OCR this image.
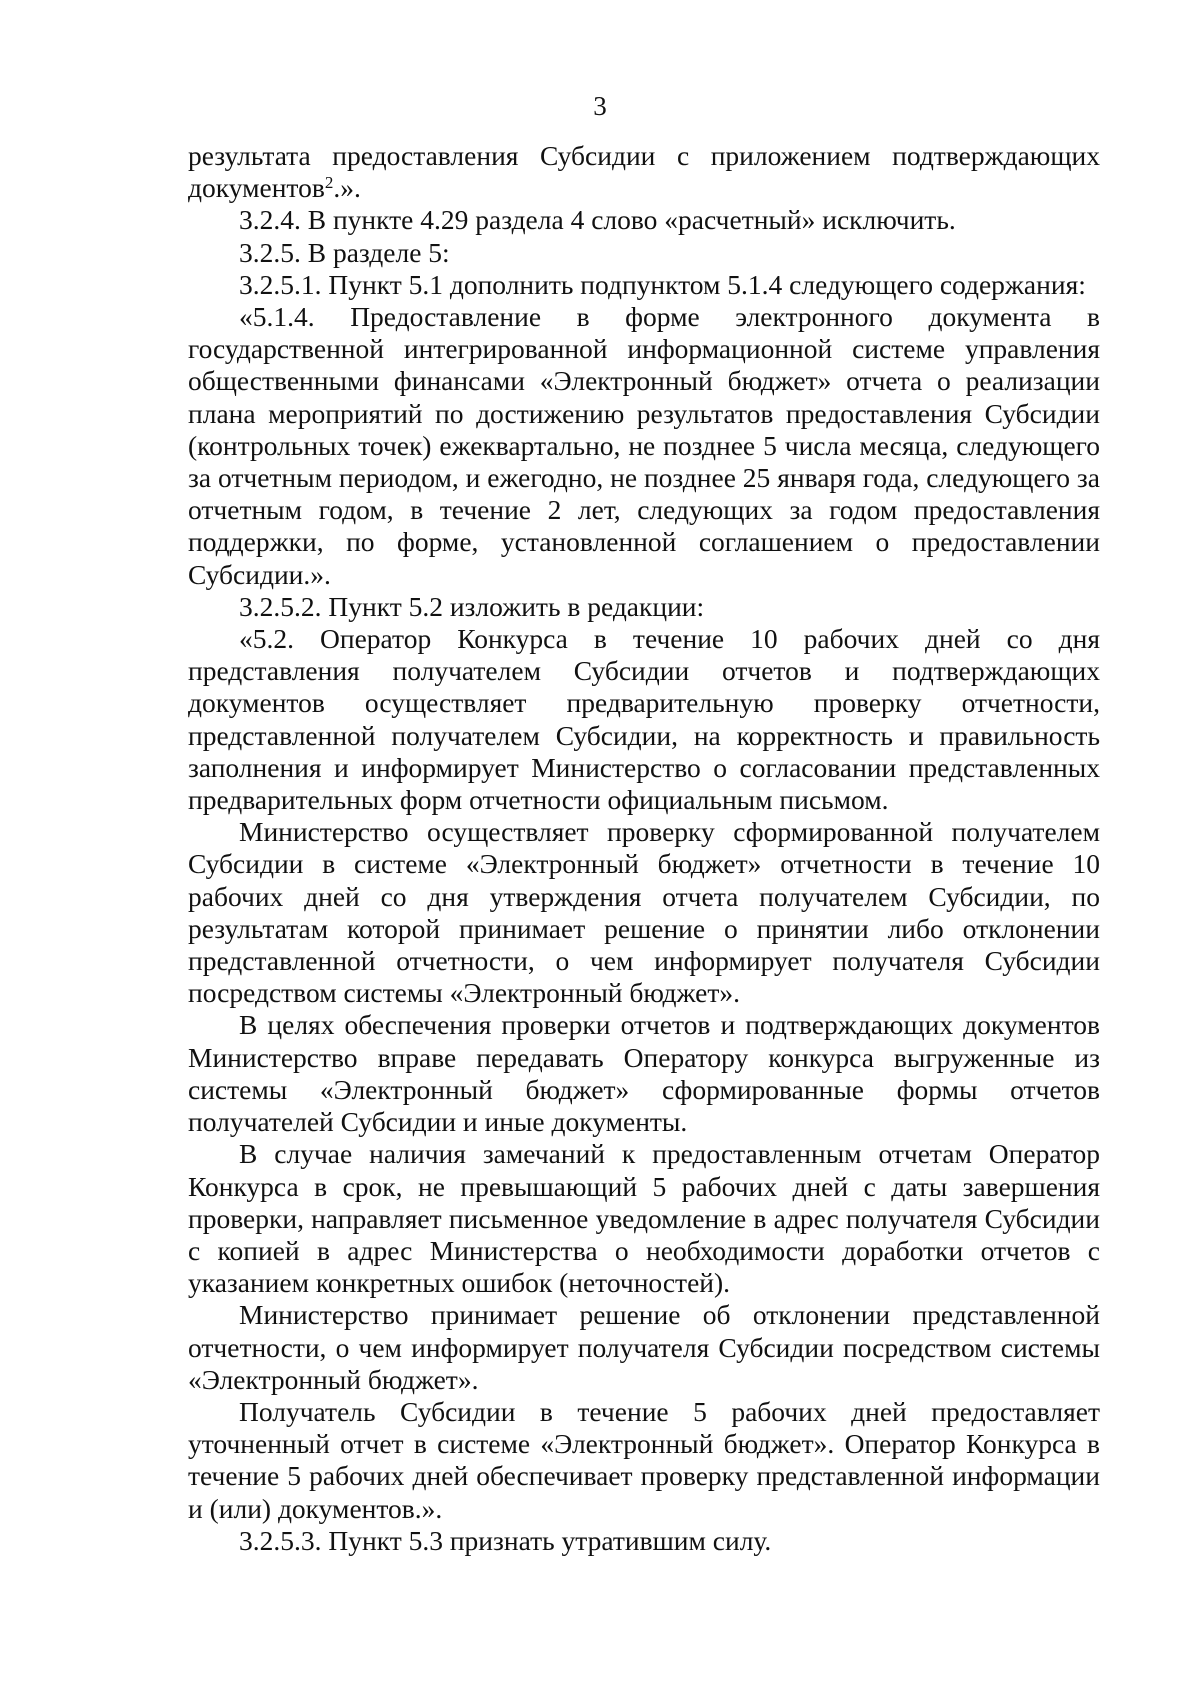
3

результата предоставления Субсидии с приложением подтверждающих документов$^2$.».

3.2.4. В пункте 4.29 раздела 4 слово «расчетный» исключить.

3.2.5. В разделе 5:

3.2.5.1. Пункт 5.1 дополнить подпунктом 5.1.4 следующего содержания:

«5.1.4. Предоставление в форме электронного документа в государственной интегрированной информационной системе управления общественными финансами «Электронный бюджет» отчета о реализации плана мероприятий по достижению результатов предоставления Субсидии (контрольных точек) ежеквартально, не позднее 5 числа месяца, следующего за отчетным периодом, и ежегодно, не позднее 25 января года, следующего за отчетным годом, в течение 2 лет, следующих за годом предоставления поддержки, по форме, установленной соглашением о предоставлении Субсидии.».

3.2.5.2. Пункт 5.2 изложить в редакции:

«5.2. Оператор Конкурса в течение 10 рабочих дней со дня представления получателем Субсидии отчетов и подтверждающих документов осуществляет предварительную проверку отчетности, представленной получателем Субсидии, на корректность и правильность заполнения и информирует Министерство о согласовании представленных предварительных форм отчетности официальным письмом.

Министерство осуществляет проверку сформированной получателем Субсидии в системе «Электронный бюджет» отчетности в течение 10 рабочих дней со дня утверждения отчета получателем Субсидии, по результатам которой принимает решение о принятии либо отклонении представленной отчетности, о чем информирует получателя Субсидии посредством системы «Электронный бюджет».

В целях обеспечения проверки отчетов и подтверждающих документов Министерство вправе передавать Оператору конкурса выгруженные из системы «Электронный бюджет» сформированные формы отчетов получателей Субсидии и иные документы.

В случае наличия замечаний к предоставленным отчетам Оператор Конкурса в срок, не превышающий 5 рабочих дней с даты завершения проверки, направляет письменное уведомление в адрес получателя Субсидии с копией в адрес Министерства о необходимости доработки отчетов с указанием конкретных ошибок (неточностей).

Министерство принимает решение об отклонении представленной отчетности, о чем информирует получателя Субсидии посредством системы «Электронный бюджет».

Получатель Субсидии в течение 5 рабочих дней предоставляет уточненный отчет в системе «Электронный бюджет». Оператор Конкурса в течение 5 рабочих дней обеспечивает проверку представленной информации и (или) документов.».

3.2.5.3. Пункт 5.3 признать утратившим силу.
